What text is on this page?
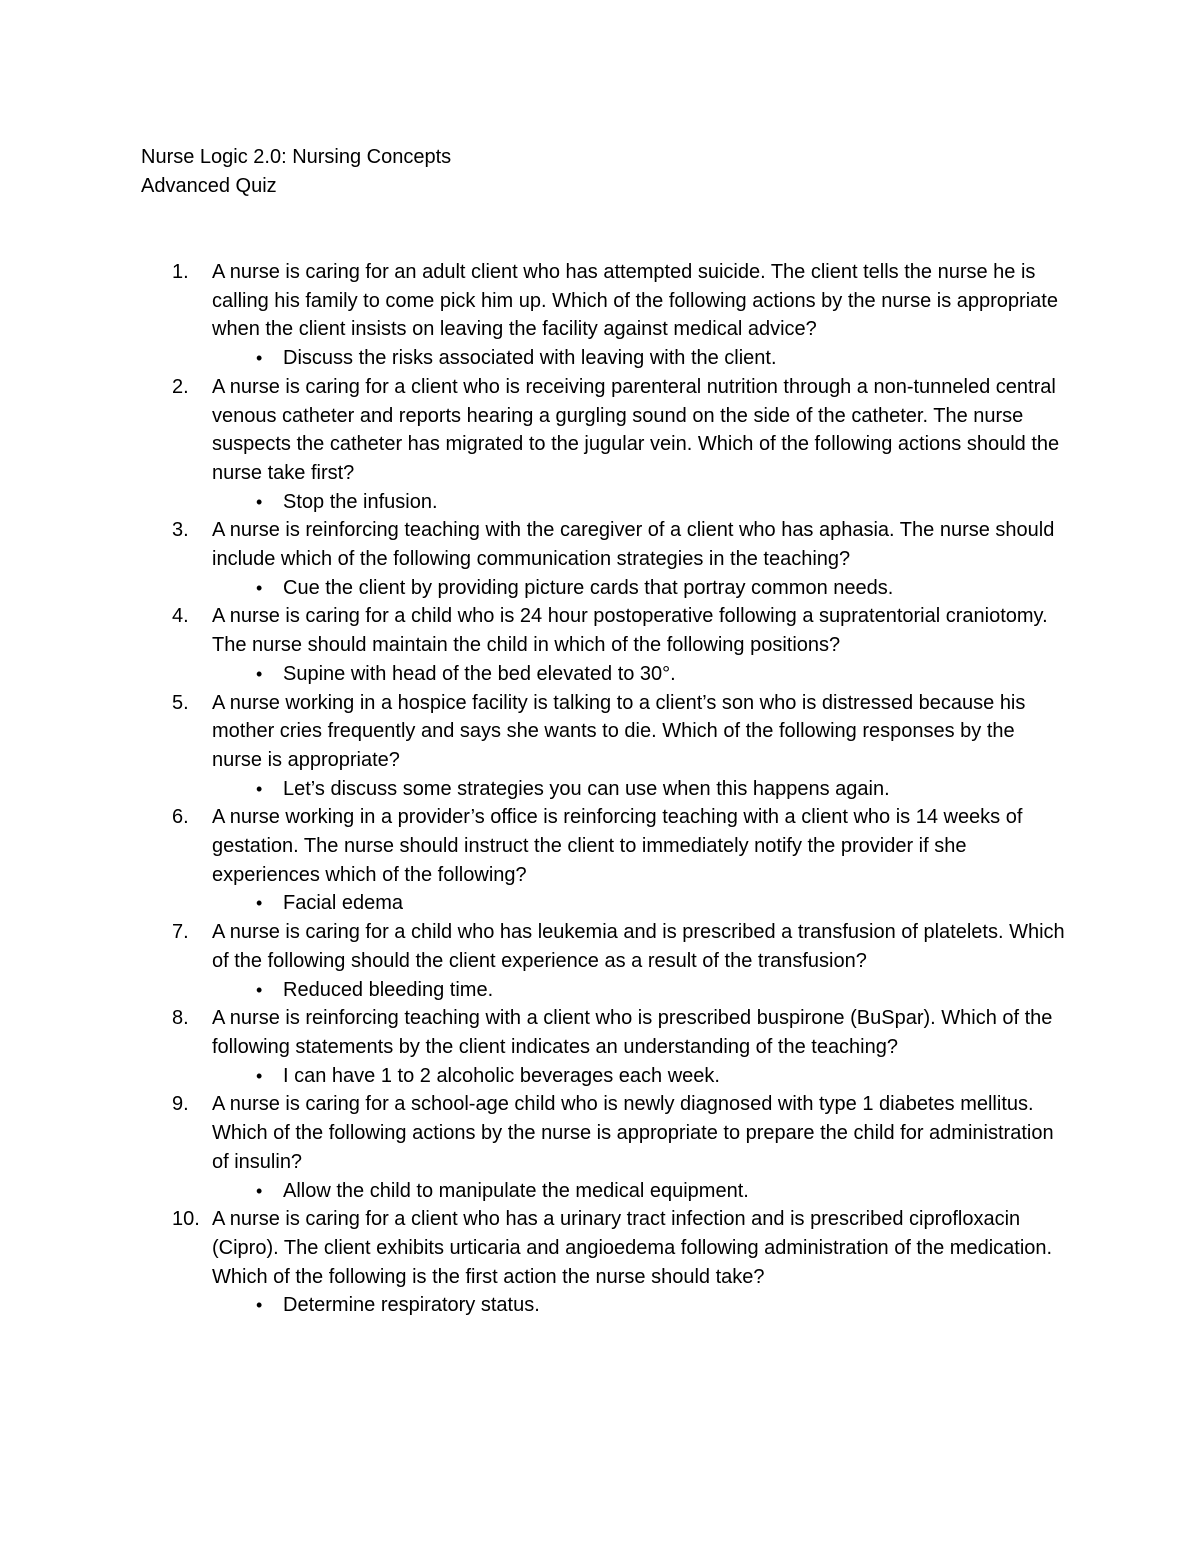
Nurse Logic 2.0: Nursing Concepts
Advanced Quiz
1. A nurse is caring for an adult client who has attempted suicide. The client tells the nurse he is calling his family to come pick him up. Which of the following actions by the nurse is appropriate when the client insists on leaving the facility against medical advice?

• Discuss the risks associated with leaving with the client.
2. A nurse is caring for a client who is receiving parenteral nutrition through a non-tunneled central venous catheter and reports hearing a gurgling sound on the side of the catheter. The nurse suspects the catheter has migrated to the jugular vein. Which of the following actions should the nurse take first?

• Stop the infusion.
3. A nurse is reinforcing teaching with the caregiver of a client who has aphasia. The nurse should include which of the following communication strategies in the teaching?

• Cue the client by providing picture cards that portray common needs.
4. A nurse is caring for a child who is 24 hour postoperative following a supratentorial craniotomy. The nurse should maintain the child in which of the following positions?

• Supine with head of the bed elevated to 30°.
5. A nurse working in a hospice facility is talking to a client’s son who is distressed because his mother cries frequently and says she wants to die. Which of the following responses by the nurse is appropriate?

• Let’s discuss some strategies you can use when this happens again.
6. A nurse working in a provider’s office is reinforcing teaching with a client who is 14 weeks of gestation. The nurse should instruct the client to immediately notify the provider if she experiences which of the following?

• Facial edema
7. A nurse is caring for a child who has leukemia and is prescribed a transfusion of platelets. Which of the following should the client experience as a result of the transfusion?

• Reduced bleeding time.
8. A nurse is reinforcing teaching with a client who is prescribed buspirone (BuSpar). Which of the following statements by the client indicates an understanding of the teaching?

• I can have 1 to 2 alcoholic beverages each week.
9. A nurse is caring for a school-age child who is newly diagnosed with type 1 diabetes mellitus. Which of the following actions by the nurse is appropriate to prepare the child for administration of insulin?

• Allow the child to manipulate the medical equipment.
10. A nurse is caring for a client who has a urinary tract infection and is prescribed ciprofloxacin (Cipro). The client exhibits urticaria and angioedema following administration of the medication. Which of the following is the first action the nurse should take?

• Determine respiratory status.
